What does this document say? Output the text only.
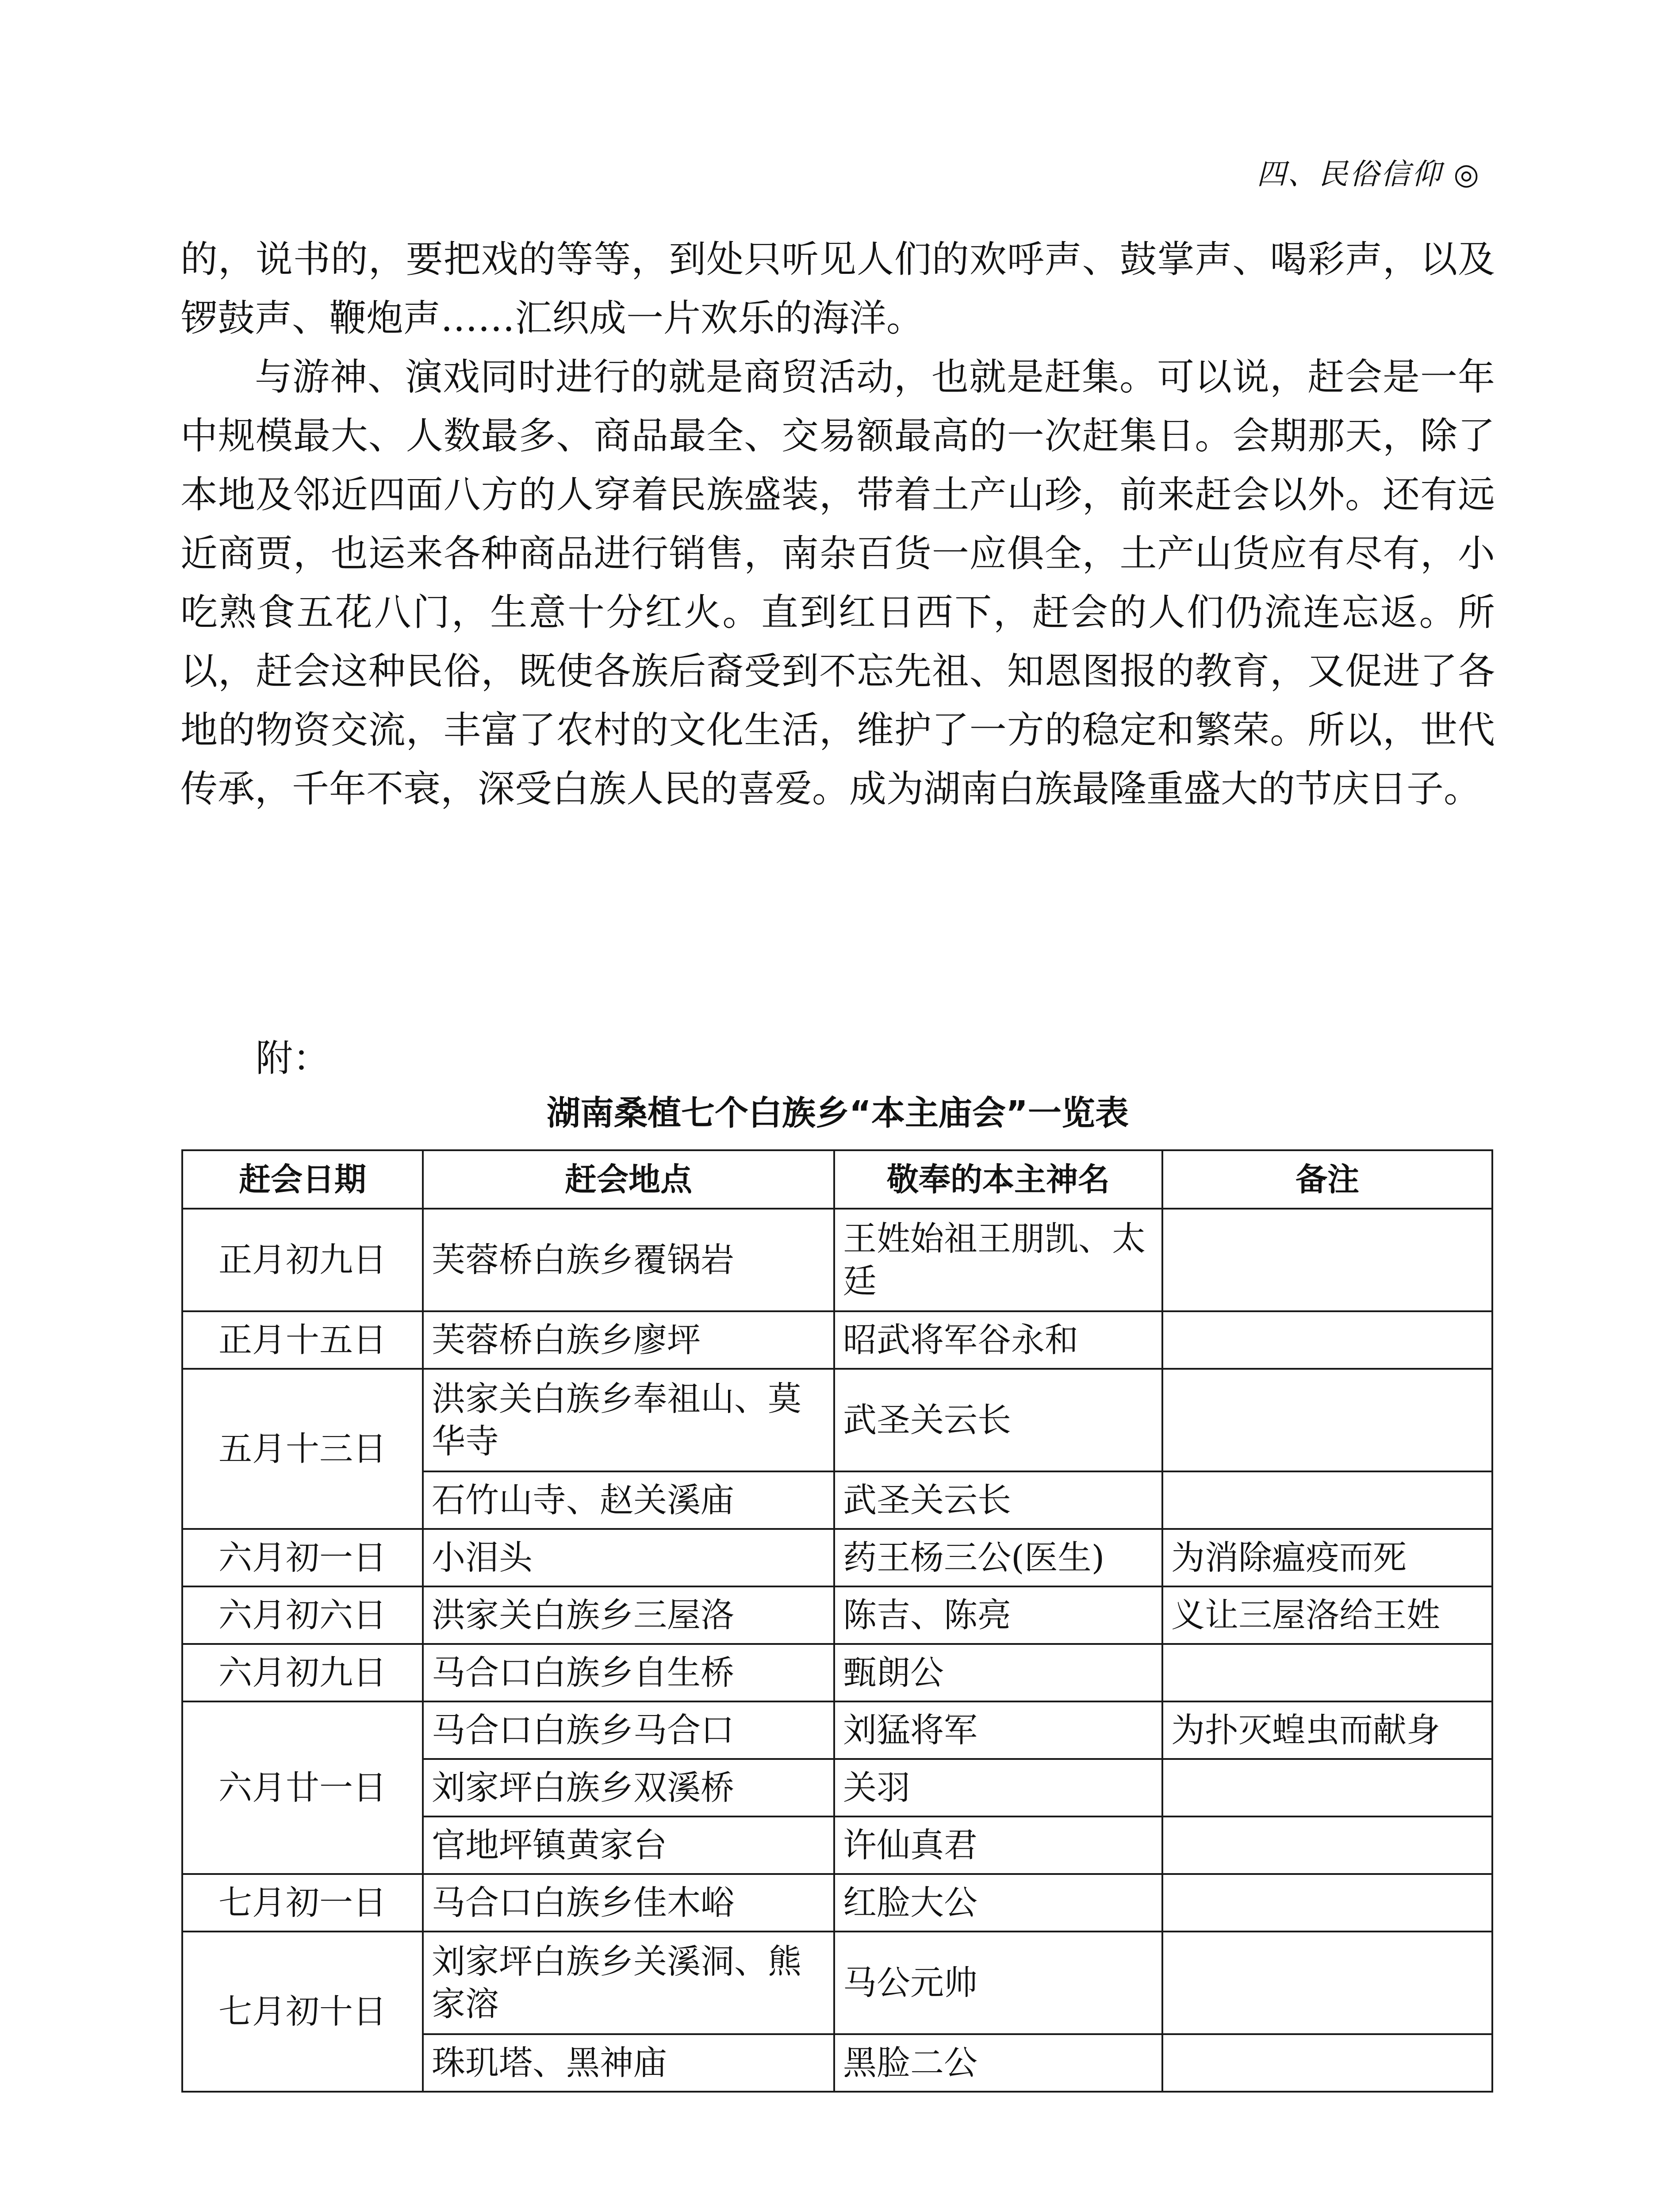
四、民俗信仰 ◎

的，说书的，要把戏的等等，到处只听见人们的欢呼声、鼓掌声、喝彩声，以及锣鼓声、鞭炮声……汇织成一片欢乐的海洋。

与游神、演戏同时进行的就是商贸活动，也就是赶集。可以说，赶会是一年中规模最大、人数最多、商品最全、交易额最高的一次赶集日。会期那天，除了本地及邻近四面八方的人穿着民族盛装，带着土产山珍，前来赶会以外。还有远近商贾，也运来各种商品进行销售，南杂百货一应俱全，土产山货应有尽有，小吃熟食五花八门，生意十分红火。直到红日西下，赶会的人们仍流连忘返。所以，赶会这种民俗，既使各族后裔受到不忘先祖、知恩图报的教育，又促进了各地的物资交流，丰富了农村的文化生活，维护了一方的稳定和繁荣。所以，世代传承，千年不衰，深受白族人民的喜爱。成为湖南白族最隆重盛大的节庆日子。

附：
湖南桑植七个白族乡“本主庙会”一览表
赶会日期	赶会地点	敬奉的本主神名	备注
正月初九日	芙蓉桥白族乡覆锅岩	王姓始祖王朋凯、太廷	
正月十五日	芙蓉桥白族乡廖坪	昭武将军谷永和	
五月十三日	洪家关白族乡奉祖山、莫华寺	武圣关云长	
	石竹山寺、赵关溪庙	武圣关云长	
六月初一日	小泪头	药王杨三公(医生)	为消除瘟疫而死
六月初六日	洪家关白族乡三屋洛	陈吉、陈亮	义让三屋洛给王姓
六月初九日	马合口白族乡自生桥	甄朗公	
六月廿一日	马合口白族乡马合口	刘猛将军	为扑灭蝗虫而献身
	刘家坪白族乡双溪桥	关羽	
	官地坪镇黄家台	许仙真君	
七月初一日	马合口白族乡佳木峪	红脸大公	
七月初十日	刘家坪白族乡关溪洞、熊家溶	马公元帅	
	珠玑塔、黑神庙	黑脸二公	
